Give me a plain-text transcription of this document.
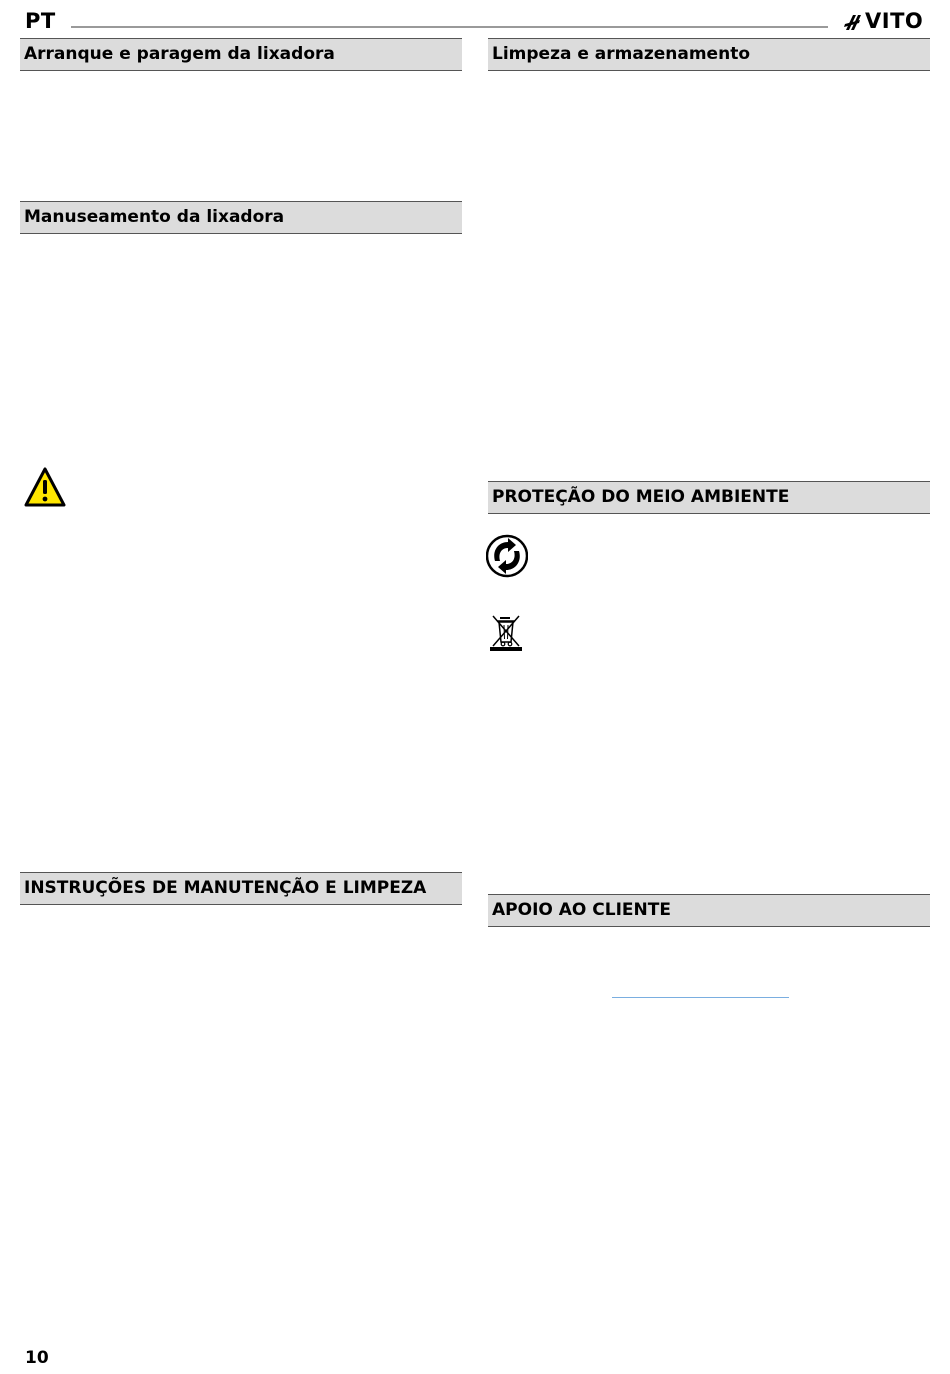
PT	VITO
Arranque e paragem da lixadora
Manuseamento da lixadora
INSTRUÇÕES DE MANUTENÇÃO E LIMPEZA
Limpeza e armazenamento
PROTEÇÃO DO MEIO AMBIENTE
APOIO AO CLIENTE
10
